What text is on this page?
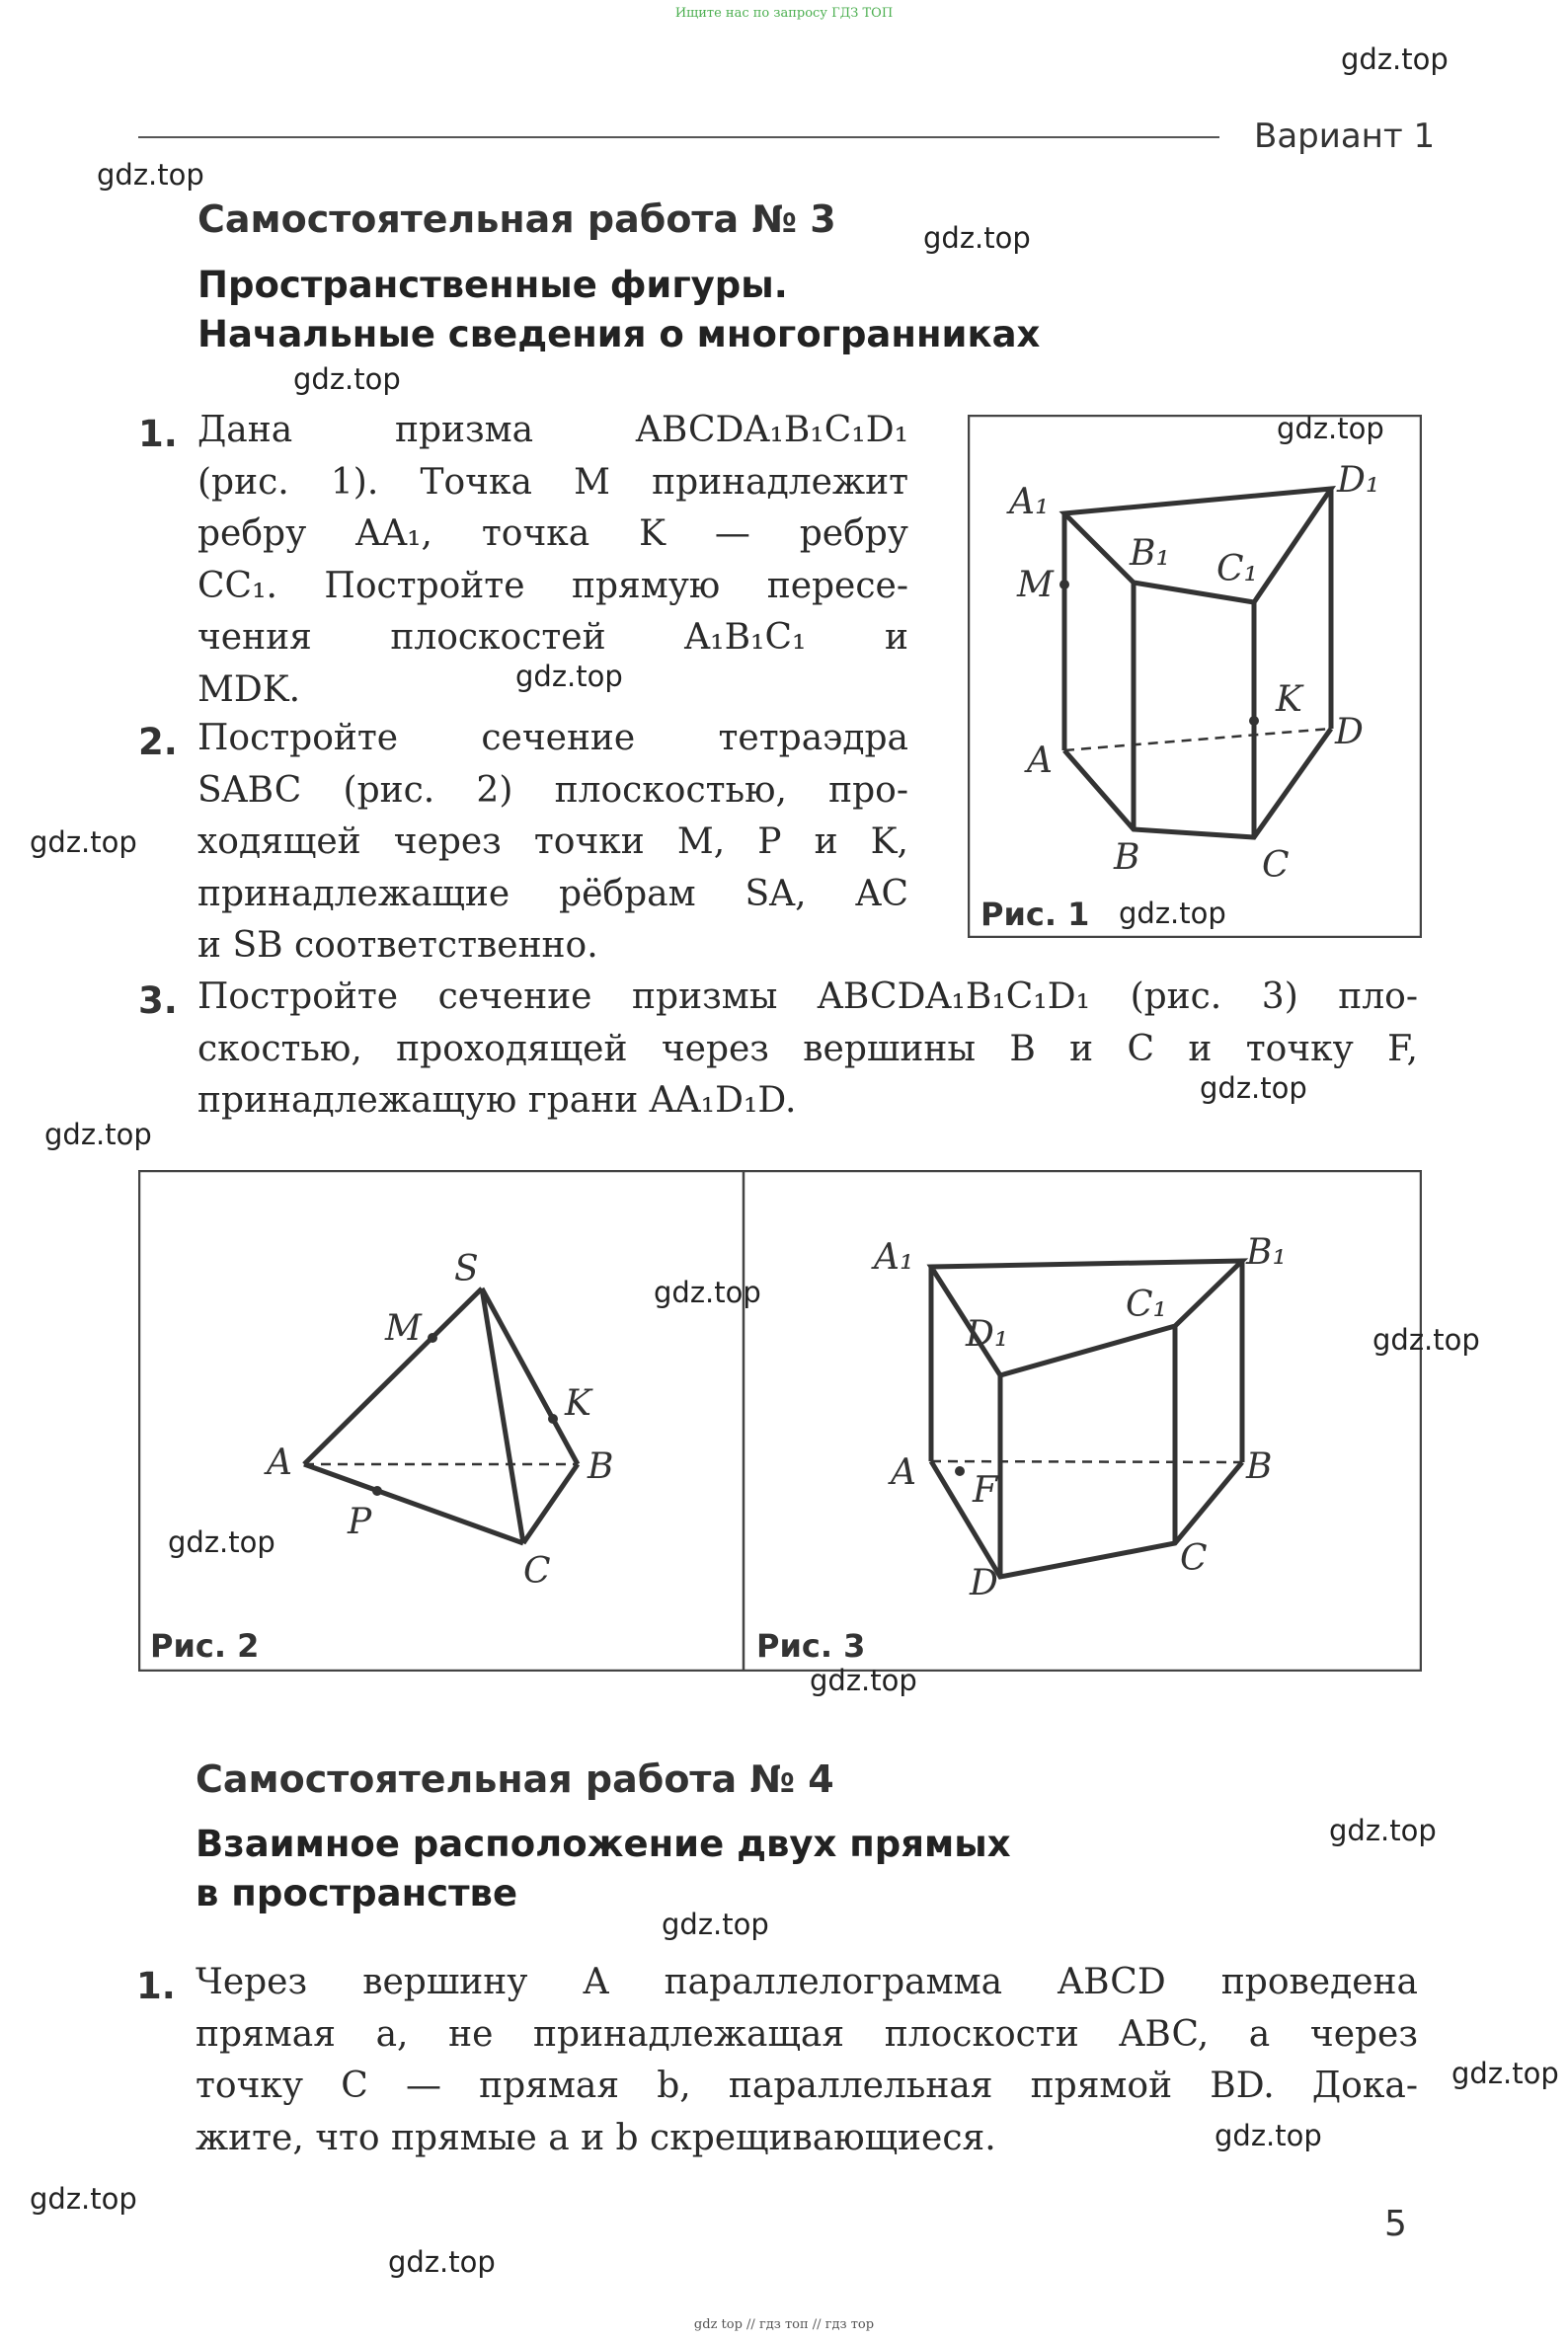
Ищите нас по запросу ГДЗ ТОП
gdz top // гдз топ // гдз тор
Вариант 1
Самостоятельная работа № 3
Пространственные фигуры.
Начальные сведения о многогранниках
1. Дана призма ABCDA₁B₁C₁D₁
(рис. 1). Точка M принадлежит
ребру AA₁, точка K — ребру
CC₁. Постройте прямую пересе-
чения плоскостей A₁B₁C₁ и
MDK.
2. Постройте сечение тетраэдра
SABC (рис. 2) плоскостью, про-
ходящей через точки M, P и K,
принадлежащие рёбрам SA, AC
и SB соответственно.
A₁
D₁
B₁ C₁
M
K
D
A
B	C
Рис. 1
3. Постройте сечение призмы ABCDA₁B₁C₁D₁ (рис. 3) пло-
скостью, проходящей через вершины B и C и точку F,
принадлежащую грани AA₁D₁D.
S
M
K
A	B
P
C
A₁	B₁
C₁
D₁
A F
B
D
C
Рис. 2	Рис. 3
Самостоятельная работа № 4
Взаимное расположение двух прямых
в пространстве
1. Через вершину A параллелограмма ABCD проведена
прямая a, не принадлежащая плоскости ABC, а через
точку C — прямая b, параллельная прямой BD. Дока-
жите, что прямые a и b скрещивающиеся.
5
gdz.top
gdz.top
gdz.top
gdz.top
gdz.top
gdz.top
gdz.top
gdz.top
gdz.top
gdz.top
gdz.top
gdz.top
gdz.top
gdz.top
gdz.top
gdz.top
gdz.top
gdz.top
gdz.top
gdz.top
